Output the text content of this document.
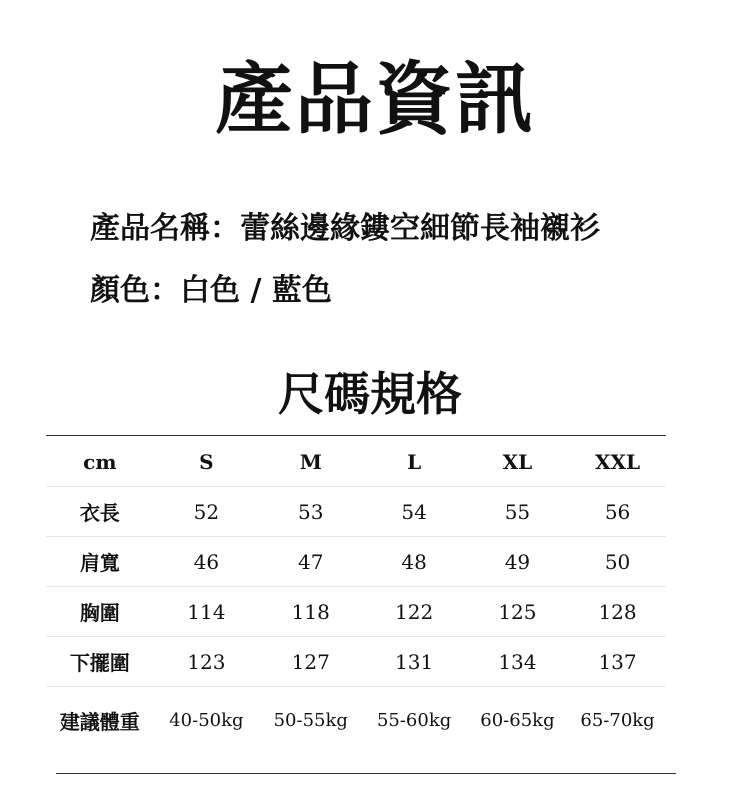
產品資訊
產品名稱：蕾絲邊緣鏤空細節長袖襯衫
顏色：白色 / 藍色
尺碼規格
cm	S	M	L	XL	XXL
衣長	52	53	54	55	56
肩寬	46	47	48	49	50
胸圍	114	118	122	125	128
下擺圍	123	127	131	134	137
建議體重	40-50kg	50-55kg	55-60kg	60-65kg	65-70kg
